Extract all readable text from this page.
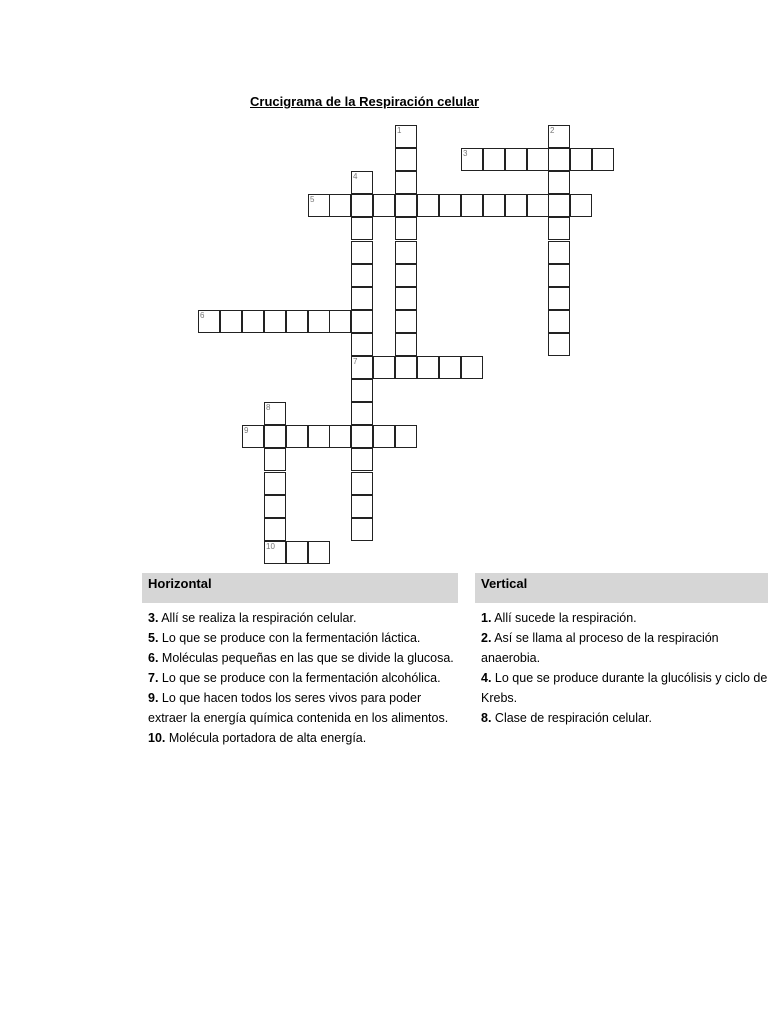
Crucigrama de la Respiración celular
1	2
3
4
7
5
6
8
10
9
Horizontal

3. Allí se realiza la respiración celular.

5. Lo que se produce con la fermentación láctica.

6. Moléculas pequeñas en las que se divide la glucosa.

7. Lo que se produce con la fermentación alcohólica.

9. Lo que hacen todos los seres vivos para poder extraer la energía química contenida en los alimentos.

10. Molécula portadora de alta energía.

Vertical

1. Allí sucede la respiración.

2. Así se llama al proceso de la respiración anaerobia.

4. Lo que se produce durante la glucólisis y ciclo de Krebs.

8. Clase de respiración celular.
